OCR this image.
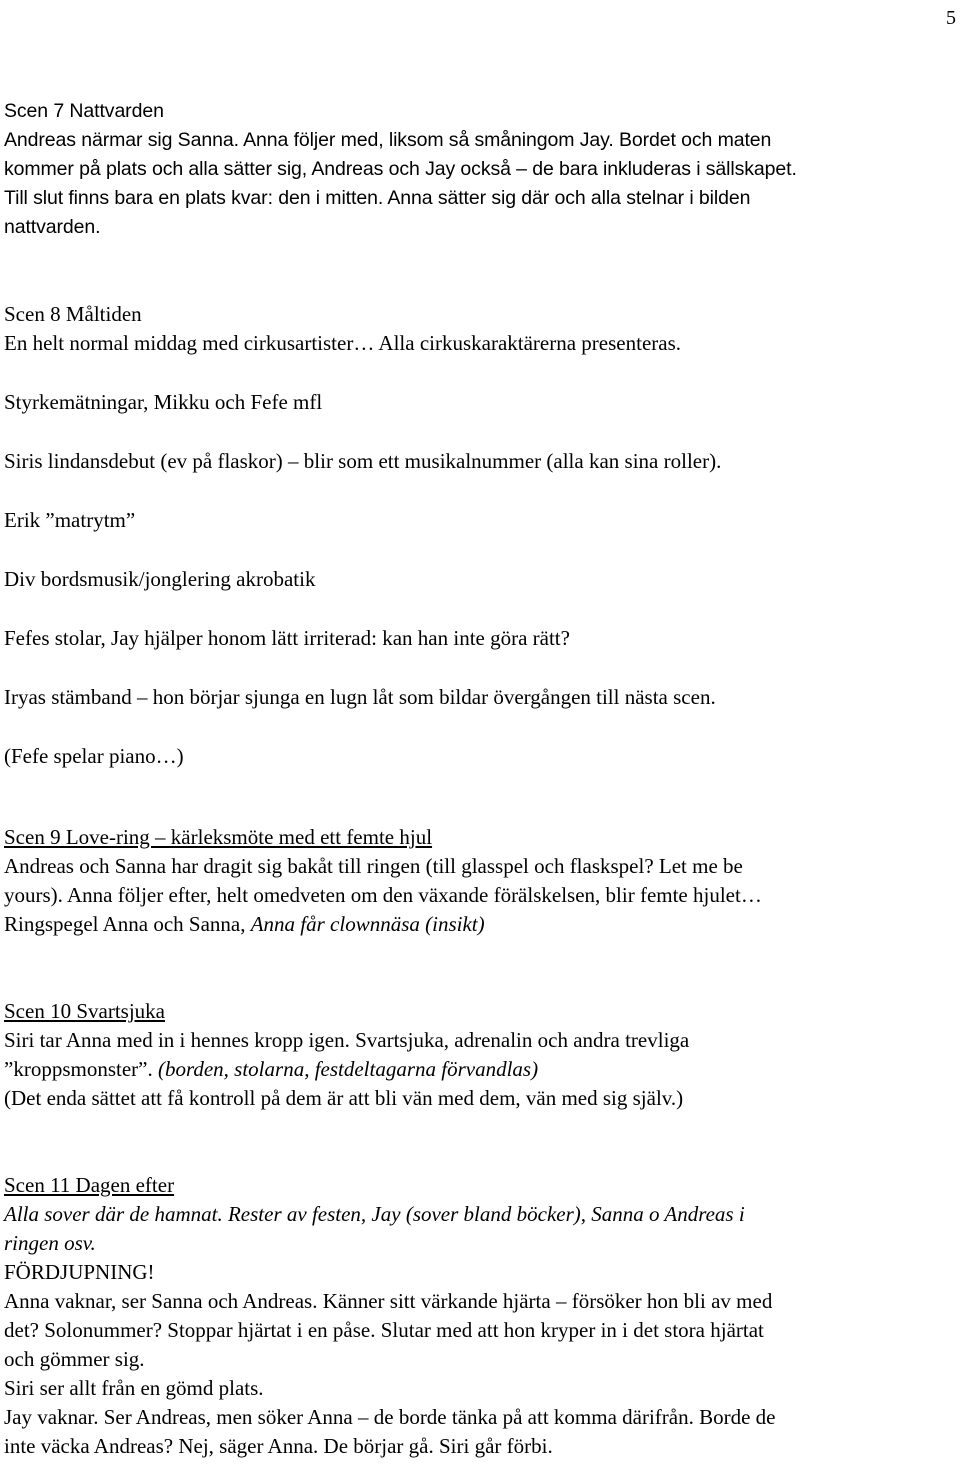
5

Scen 7 Nattvarden

Andreas närmar sig Sanna. Anna följer med, liksom så småningom Jay. Bordet och maten

kommer på plats och alla sätter sig, Andreas och Jay också – de bara inkluderas i sällskapet.

Till slut finns bara en plats kvar: den i mitten. Anna sätter sig där och alla stelnar i bilden

nattvarden.

Scen 8 Måltiden

En helt normal middag med cirkusartister… Alla cirkuskaraktärerna presenteras.

Styrkemätningar, Mikku och Fefe mfl

Siris lindansdebut (ev på flaskor) – blir som ett musikalnummer (alla kan sina roller).

Erik ”matrytm”

Div bordsmusik/jonglering akrobatik

Fefes stolar, Jay hjälper honom lätt irriterad: kan han inte göra rätt?

Iryas stämband – hon börjar sjunga en lugn låt som bildar övergången till nästa scen.

(Fefe spelar piano…)

Scen 9 Love-ring – kärleksmöte med ett femte hjul

Andreas och Sanna har dragit sig bakåt till ringen (till glasspel och flaskspel? Let me be

yours). Anna följer efter, helt omedveten om den växande förälskelsen, blir femte hjulet…

Ringspegel Anna och Sanna, Anna får clownnäsa (insikt)

Scen 10 Svartsjuka

Siri tar Anna med in i hennes kropp igen. Svartsjuka, adrenalin och andra trevliga

”kroppsmonster”. (borden, stolarna, festdeltagarna förvandlas)

(Det enda sättet att få kontroll på dem är att bli vän med dem, vän med sig själv.)

Scen 11 Dagen efter

Alla sover där de hamnat. Rester av festen, Jay (sover bland böcker), Sanna o Andreas i

ringen osv.

FÖRDJUPNING!

Anna vaknar, ser Sanna och Andreas. Känner sitt värkande hjärta – försöker hon bli av med

det? Solonummer? Stoppar hjärtat i en påse. Slutar med att hon kryper in i det stora hjärtat

och gömmer sig.

Siri ser allt från en gömd plats.

Jay vaknar. Ser Andreas, men söker Anna – de borde tänka på att komma därifrån. Borde de

inte väcka Andreas? Nej, säger Anna. De börjar gå. Siri går förbi.
